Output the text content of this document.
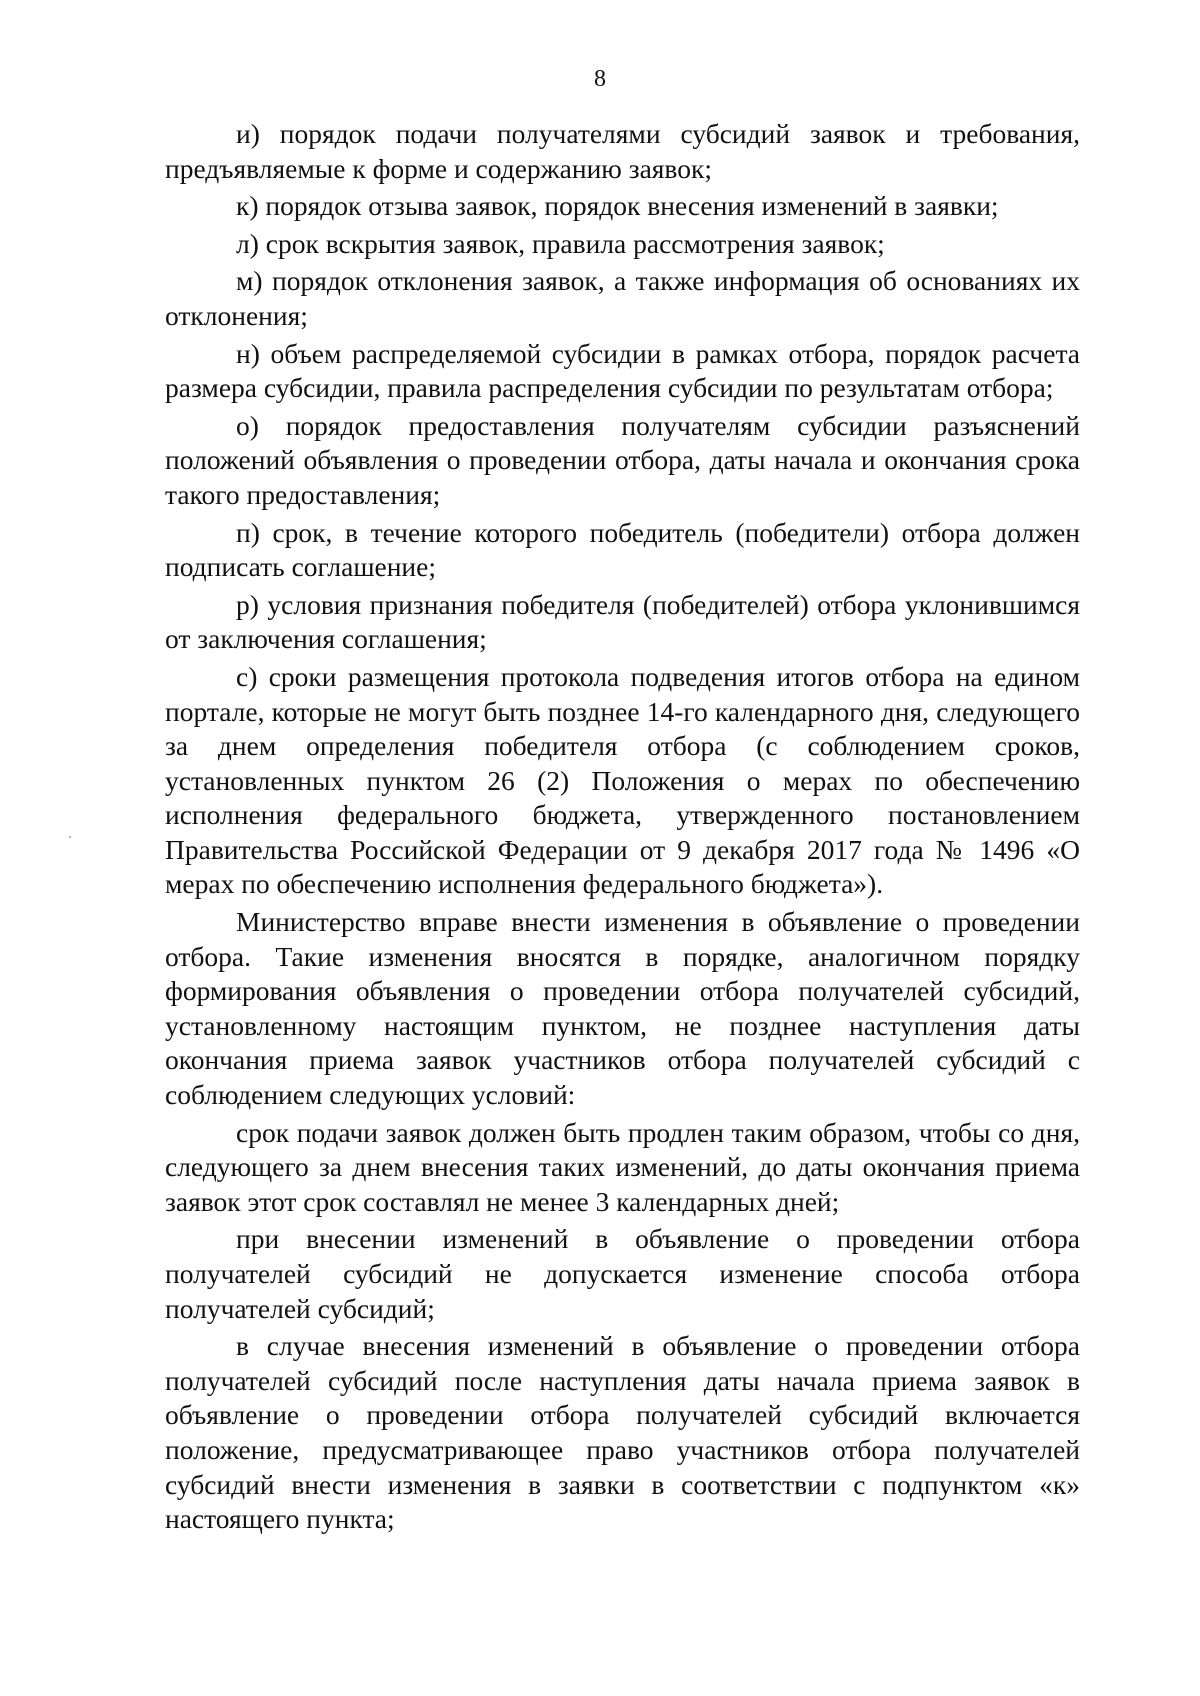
8

и) порядок подачи получателями субсидий заявок и требования, предъявляемые к форме и содержанию заявок;

к) порядок отзыва заявок, порядок внесения изменений в заявки;

л) срок вскрытия заявок, правила рассмотрения заявок;

м) порядок отклонения заявок, а также информация об основаниях их отклонения;

н) объем распределяемой субсидии в рамках отбора, порядок расчета размера субсидии, правила распределения субсидии по результатам отбора;

о) порядок предоставления получателям субсидии разъяснений положений объявления о проведении отбора, даты начала и окончания срока такого предоставления;

п) срок, в течение которого победитель (победители) отбора должен подписать соглашение;

р) условия признания победителя (победителей) отбора уклонившимся от заключения соглашения;

с) сроки размещения протокола подведения итогов отбора на едином портале, которые не могут быть позднее 14-го календарного дня, следующего за днем определения победителя отбора (с соблюдением сроков, установленных пунктом 26 (2) Положения о мерах по обеспечению исполнения федерального бюджета, утвержденного постановлением Правительства Российской Федерации от 9 декабря 2017 года № 1496 «О мерах по обеспечению исполнения федерального бюджета»).

Министерство вправе внести изменения в объявление о проведении отбора. Такие изменения вносятся в порядке, аналогичном порядку формирования объявления о проведении отбора получателей субсидий, установленному настоящим пунктом, не позднее наступления даты окончания приема заявок участников отбора получателей субсидий с соблюдением следующих условий:

срок подачи заявок должен быть продлен таким образом, чтобы со дня, следующего за днем внесения таких изменений, до даты окончания приема заявок этот срок составлял не менее 3 календарных дней;

при внесении изменений в объявление о проведении отбора получателей субсидий не допускается изменение способа отбора получателей субсидий;

в случае внесения изменений в объявление о проведении отбора получателей субсидий после наступления даты начала приема заявок в объявление о проведении отбора получателей субсидий включается положение, предусматривающее право участников отбора получателей субсидий внести изменения в заявки в соответствии с подпунктом «к» настоящего пункта;
